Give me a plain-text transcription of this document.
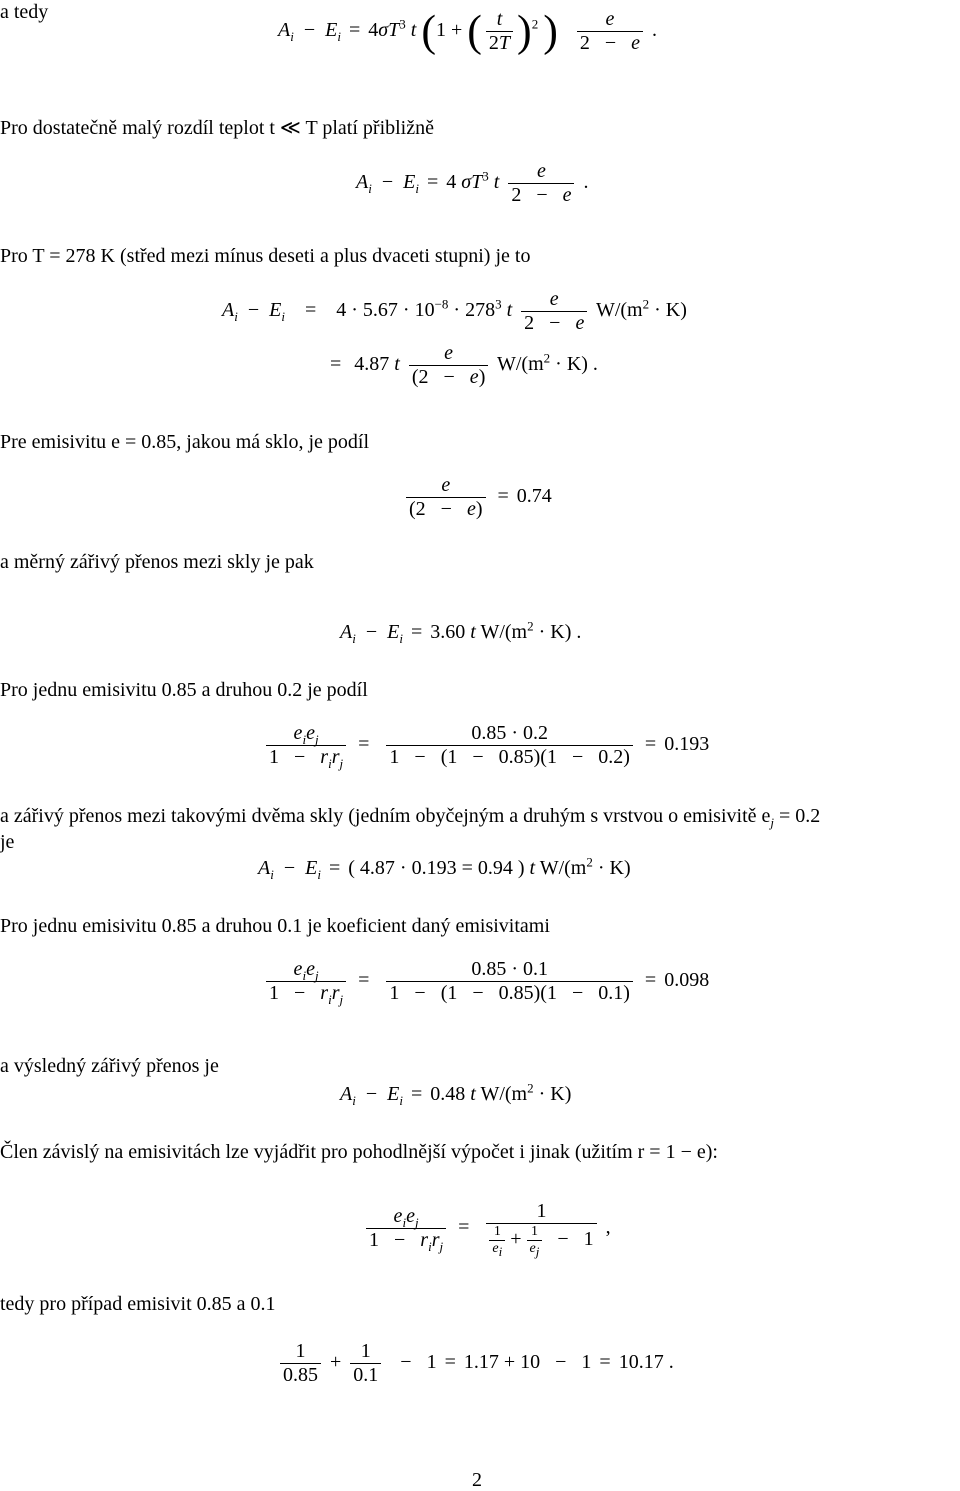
a tedy
$A_i - E_i = 4\sigma T^3$ t (1 + ( $\frac{t}{2T} )^2$ ) $\frac{e}{2 - e}$ .
Pro dostatečně malý rozdíl teplot t ≪ T platí přibližně
$A_i - E_i = 4$ $\sigma T^3$ t $\frac{e}{2 - e}$ .
Pro T = 278 K (střed mezi mínus deseti a plus dvaceti stupni) je to
$A_i - E_i = 4 \cdot 5.67 \cdot 10^{-8} \cdot 278^3$ t $\frac{e}{2 - e} W/(m^2 \cdot K)$
= 4.87 t $\frac{e}{(2 - e)} W/(m^2 \cdot K)$ .
Pre emisivitu e = 0.85, jakou má sklo, je podíl
$\frac{e}{(2 - e)} = 0.74$
a měrný zářivý přenos mezi skly je pak
$A_i - E_i = 3.60$ t $W/(m^2 \cdot K)$ .
Pro jednu emisivitu 0.85 a druhou 0.2 je podíl
$\frac{e_ie_j}{1 - r_ir_j} = \frac{0.85 \cdot 0.2}{1 - (1 - 0.85)(1 - 0.2)} = 0.193$
a zářivý přenos mezi takovými dvěma skly (jedním obyčejným a druhým s vrstvou o emisivitě $e_j = 0.2$
je
$A_i - E_i$ = ( 4.87 · 0.193 = 0.94 ) t $W/(m^2 \cdot K)$
Pro jednu emisivitu 0.85 a druhou 0.1 je koeficient daný emisivitami
$\frac{e_ie_j}{1 - r_ir_j} = \frac{0.85 \cdot 0.1}{1 - (1 - 0.85)(1 - 0.1)} = 0.098$
a výsledný zářivý přenos je
$A_i - E_i = 0.48$ t $W/(m^2 \cdot K)$
Člen závislý na emisivitách lze vyjádřit pro pohodlnější výpočet i jinak (užitím r = 1 − e):
$\frac{e_ie_j}{1 - r_ir_j} = \frac{1}{\frac{1}{e_i} + \frac{1}{e_j} - 1}$ ,
tedy pro případ emisivit 0.85 a 0.1
$\frac{1}{0.85} + \frac{1}{0.1} - 1 = 1.17 + 10 - 1 = 10.17$ .
2
